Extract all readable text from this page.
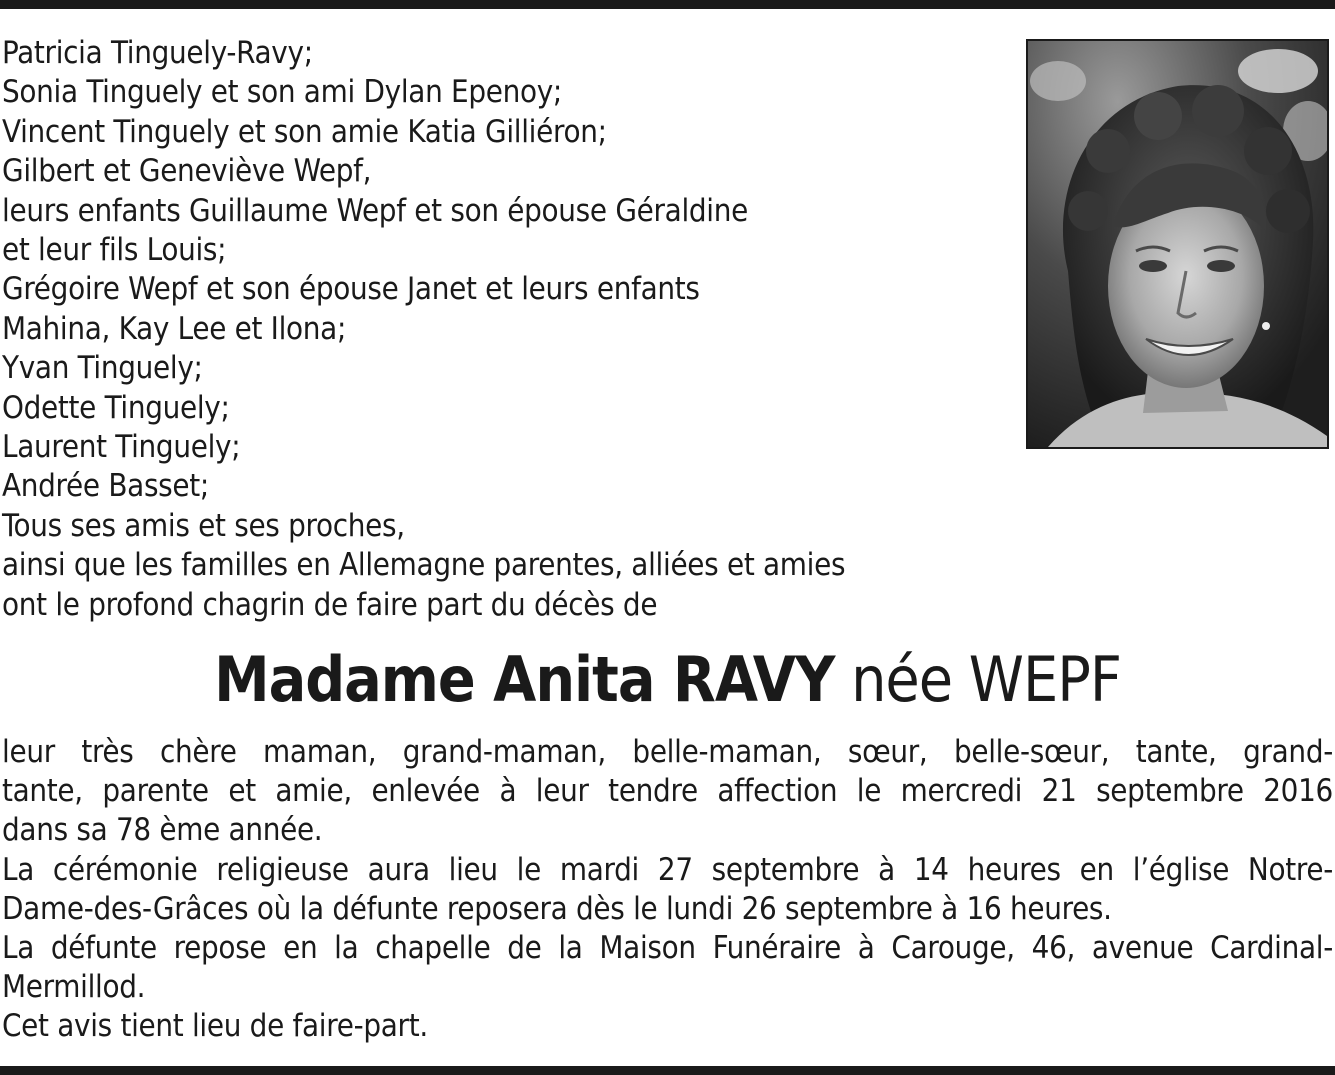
Patricia Tinguely-Ravy;
Sonia Tinguely et son ami Dylan Epenoy;
Vincent Tinguely et son amie Katia Gilliéron;
Gilbert et Geneviève Wepf,
leurs enfants Guillaume Wepf et son épouse Géraldine
et leur fils Louis;
Grégoire Wepf et son épouse Janet et leurs enfants
Mahina, Kay Lee et Ilona;
Yvan Tinguely;
Odette Tinguely;
Laurent Tinguely;
Andrée Basset;
Tous ses amis et ses proches,
ainsi que les familles en Allemagne parentes, alliées et amies
ont le profond chagrin de faire part du décès de
Madame Anita RAVY née WEPF
leur très chère maman, grand-maman, belle-maman, sœur, belle-sœur, tante, grand-
tante, parente et amie, enlevée à leur tendre affection le mercredi 21 septembre 2016
dans sa 78 ème année.
La cérémonie religieuse aura lieu le mardi 27 septembre à 14 heures en l’église Notre-
Dame-des-Grâces où la défunte reposera dès le lundi 26 septembre à 16 heures.
La défunte repose en la chapelle de la Maison Funéraire à Carouge, 46, avenue Cardinal-
Mermillod.
Cet avis tient lieu de faire-part.
